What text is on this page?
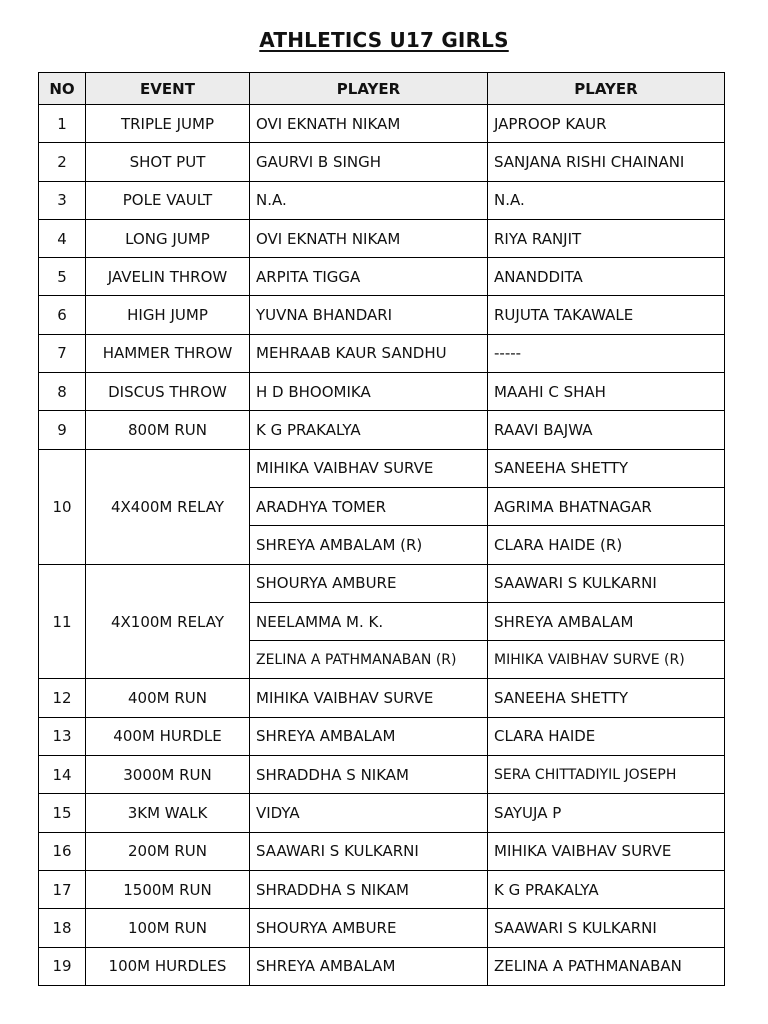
ATHLETICS U17 GIRLS
NO	EVENT	PLAYER	PLAYER
1	TRIPLE JUMP	OVI EKNATH NIKAM	JAPROOP KAUR
2	SHOT PUT	GAURVI B SINGH	SANJANA RISHI CHAINANI
3	POLE VAULT	N.A.	N.A.
4	LONG JUMP	OVI EKNATH NIKAM	RIYA RANJIT
5	JAVELIN THROW	ARPITA TIGGA	ANANDDITA
6	HIGH JUMP	YUVNA BHANDARI	RUJUTA TAKAWALE
7	HAMMER THROW	MEHRAAB KAUR SANDHU	-----
8	DISCUS THROW	H D BHOOMIKA	MAAHI C SHAH
9	800M RUN	K G PRAKALYA	RAAVI BAJWA
10	4X400M RELAY	MIHIKA VAIBHAV SURVE	SANEEHA SHETTY
		ARADHYA TOMER	AGRIMA BHATNAGAR
		SHREYA AMBALAM (R)	CLARA HAIDE (R)
11	4X100M RELAY	SHOURYA AMBURE	SAAWARI S KULKARNI
		NEELAMMA M. K.	SHREYA AMBALAM
		ZELINA A PATHMANABAN (R)	MIHIKA VAIBHAV SURVE (R)
12	400M RUN	MIHIKA VAIBHAV SURVE	SANEEHA SHETTY
13	400M HURDLE	SHREYA AMBALAM	CLARA HAIDE
14	3000M RUN	SHRADDHA S NIKAM	SERA CHITTADIYIL JOSEPH
15	3KM WALK	VIDYA	SAYUJA P
16	200M RUN	SAAWARI S KULKARNI	MIHIKA VAIBHAV SURVE
17	1500M RUN	SHRADDHA S NIKAM	K G PRAKALYA
18	100M RUN	SHOURYA AMBURE	SAAWARI S KULKARNI
19	100M HURDLES	SHREYA AMBALAM	ZELINA A PATHMANABAN
